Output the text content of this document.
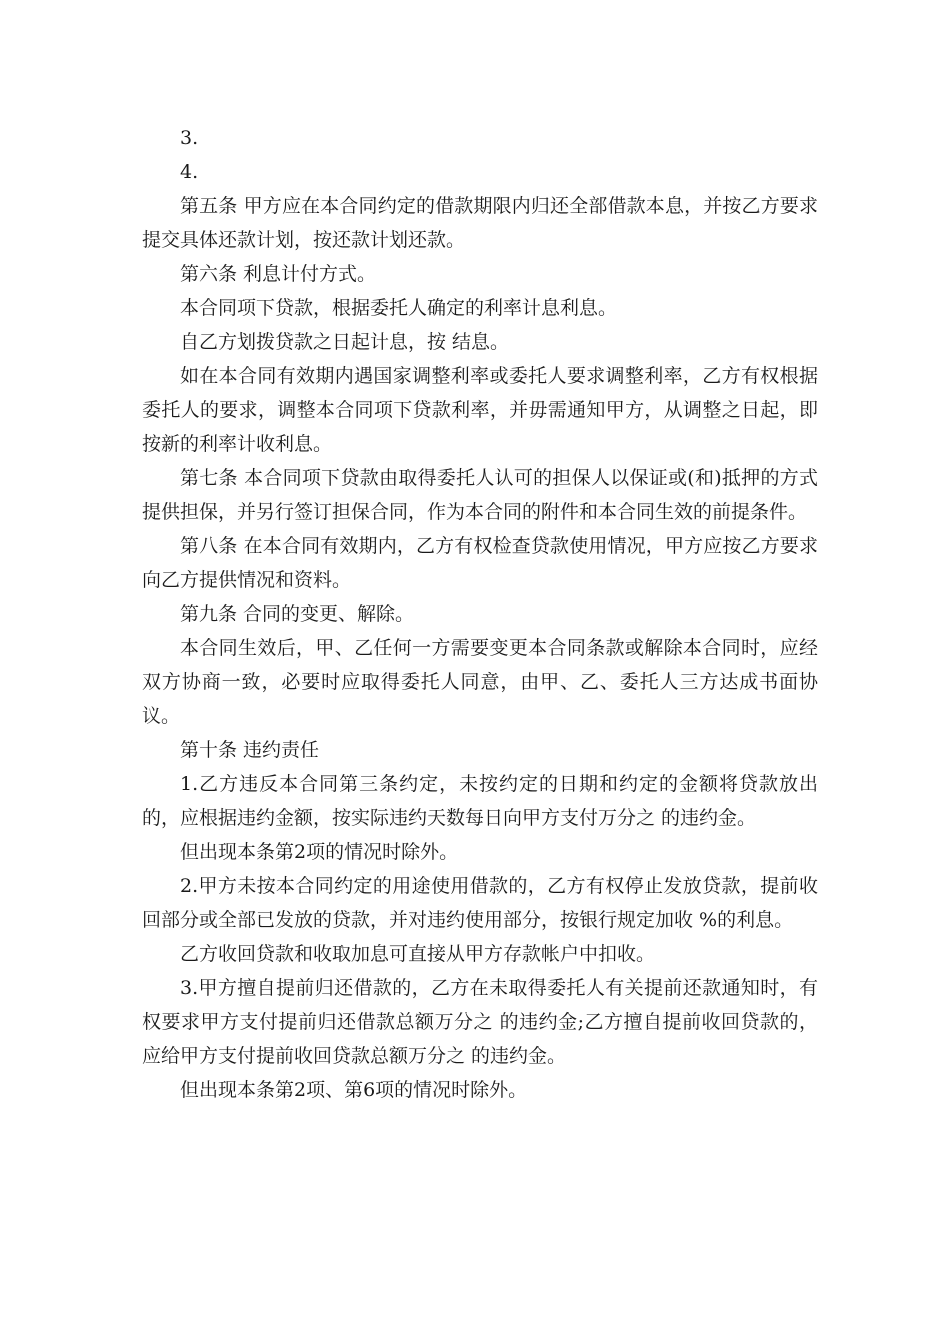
3.

4.

第五条 甲方应在本合同约定的借款期限内归还全部借款本息，并按乙方要求提交具体还款计划，按还款计划还款。

第六条 利息计付方式。

本合同项下贷款，根据委托人确定的利率计息利息。

自乙方划拨贷款之日起计息，按 结息。

如在本合同有效期内遇国家调整利率或委托人要求调整利率，乙方有权根据委托人的要求，调整本合同项下贷款利率，并毋需通知甲方，从调整之日起，即按新的利率计收利息。

第七条 本合同项下贷款由取得委托人认可的担保人以保证或(和)抵押的方式提供担保，并另行签订担保合同，作为本合同的附件和本合同生效的前提条件。

第八条 在本合同有效期内，乙方有权检查贷款使用情况，甲方应按乙方要求向乙方提供情况和资料。

第九条 合同的变更、解除。

本合同生效后，甲、乙任何一方需要变更本合同条款或解除本合同时，应经双方协商一致，必要时应取得委托人同意，由甲、乙、委托人三方达成书面协议。

第十条 违约责任

1.乙方违反本合同第三条约定，未按约定的日期和约定的金额将贷款放出的，应根据违约金额，按实际违约天数每日向甲方支付万分之 的违约金。

但出现本条第2项的情况时除外。

2.甲方未按本合同约定的用途使用借款的，乙方有权停止发放贷款，提前收回部分或全部已发放的贷款，并对违约使用部分，按银行规定加收 %的利息。

乙方收回贷款和收取加息可直接从甲方存款帐户中扣收。

3.甲方擅自提前归还借款的，乙方在未取得委托人有关提前还款通知时，有权要求甲方支付提前归还借款总额万分之 的违约金;乙方擅自提前收回贷款的，应给甲方支付提前收回贷款总额万分之 的违约金。

但出现本条第2项、第6项的情况时除外。
